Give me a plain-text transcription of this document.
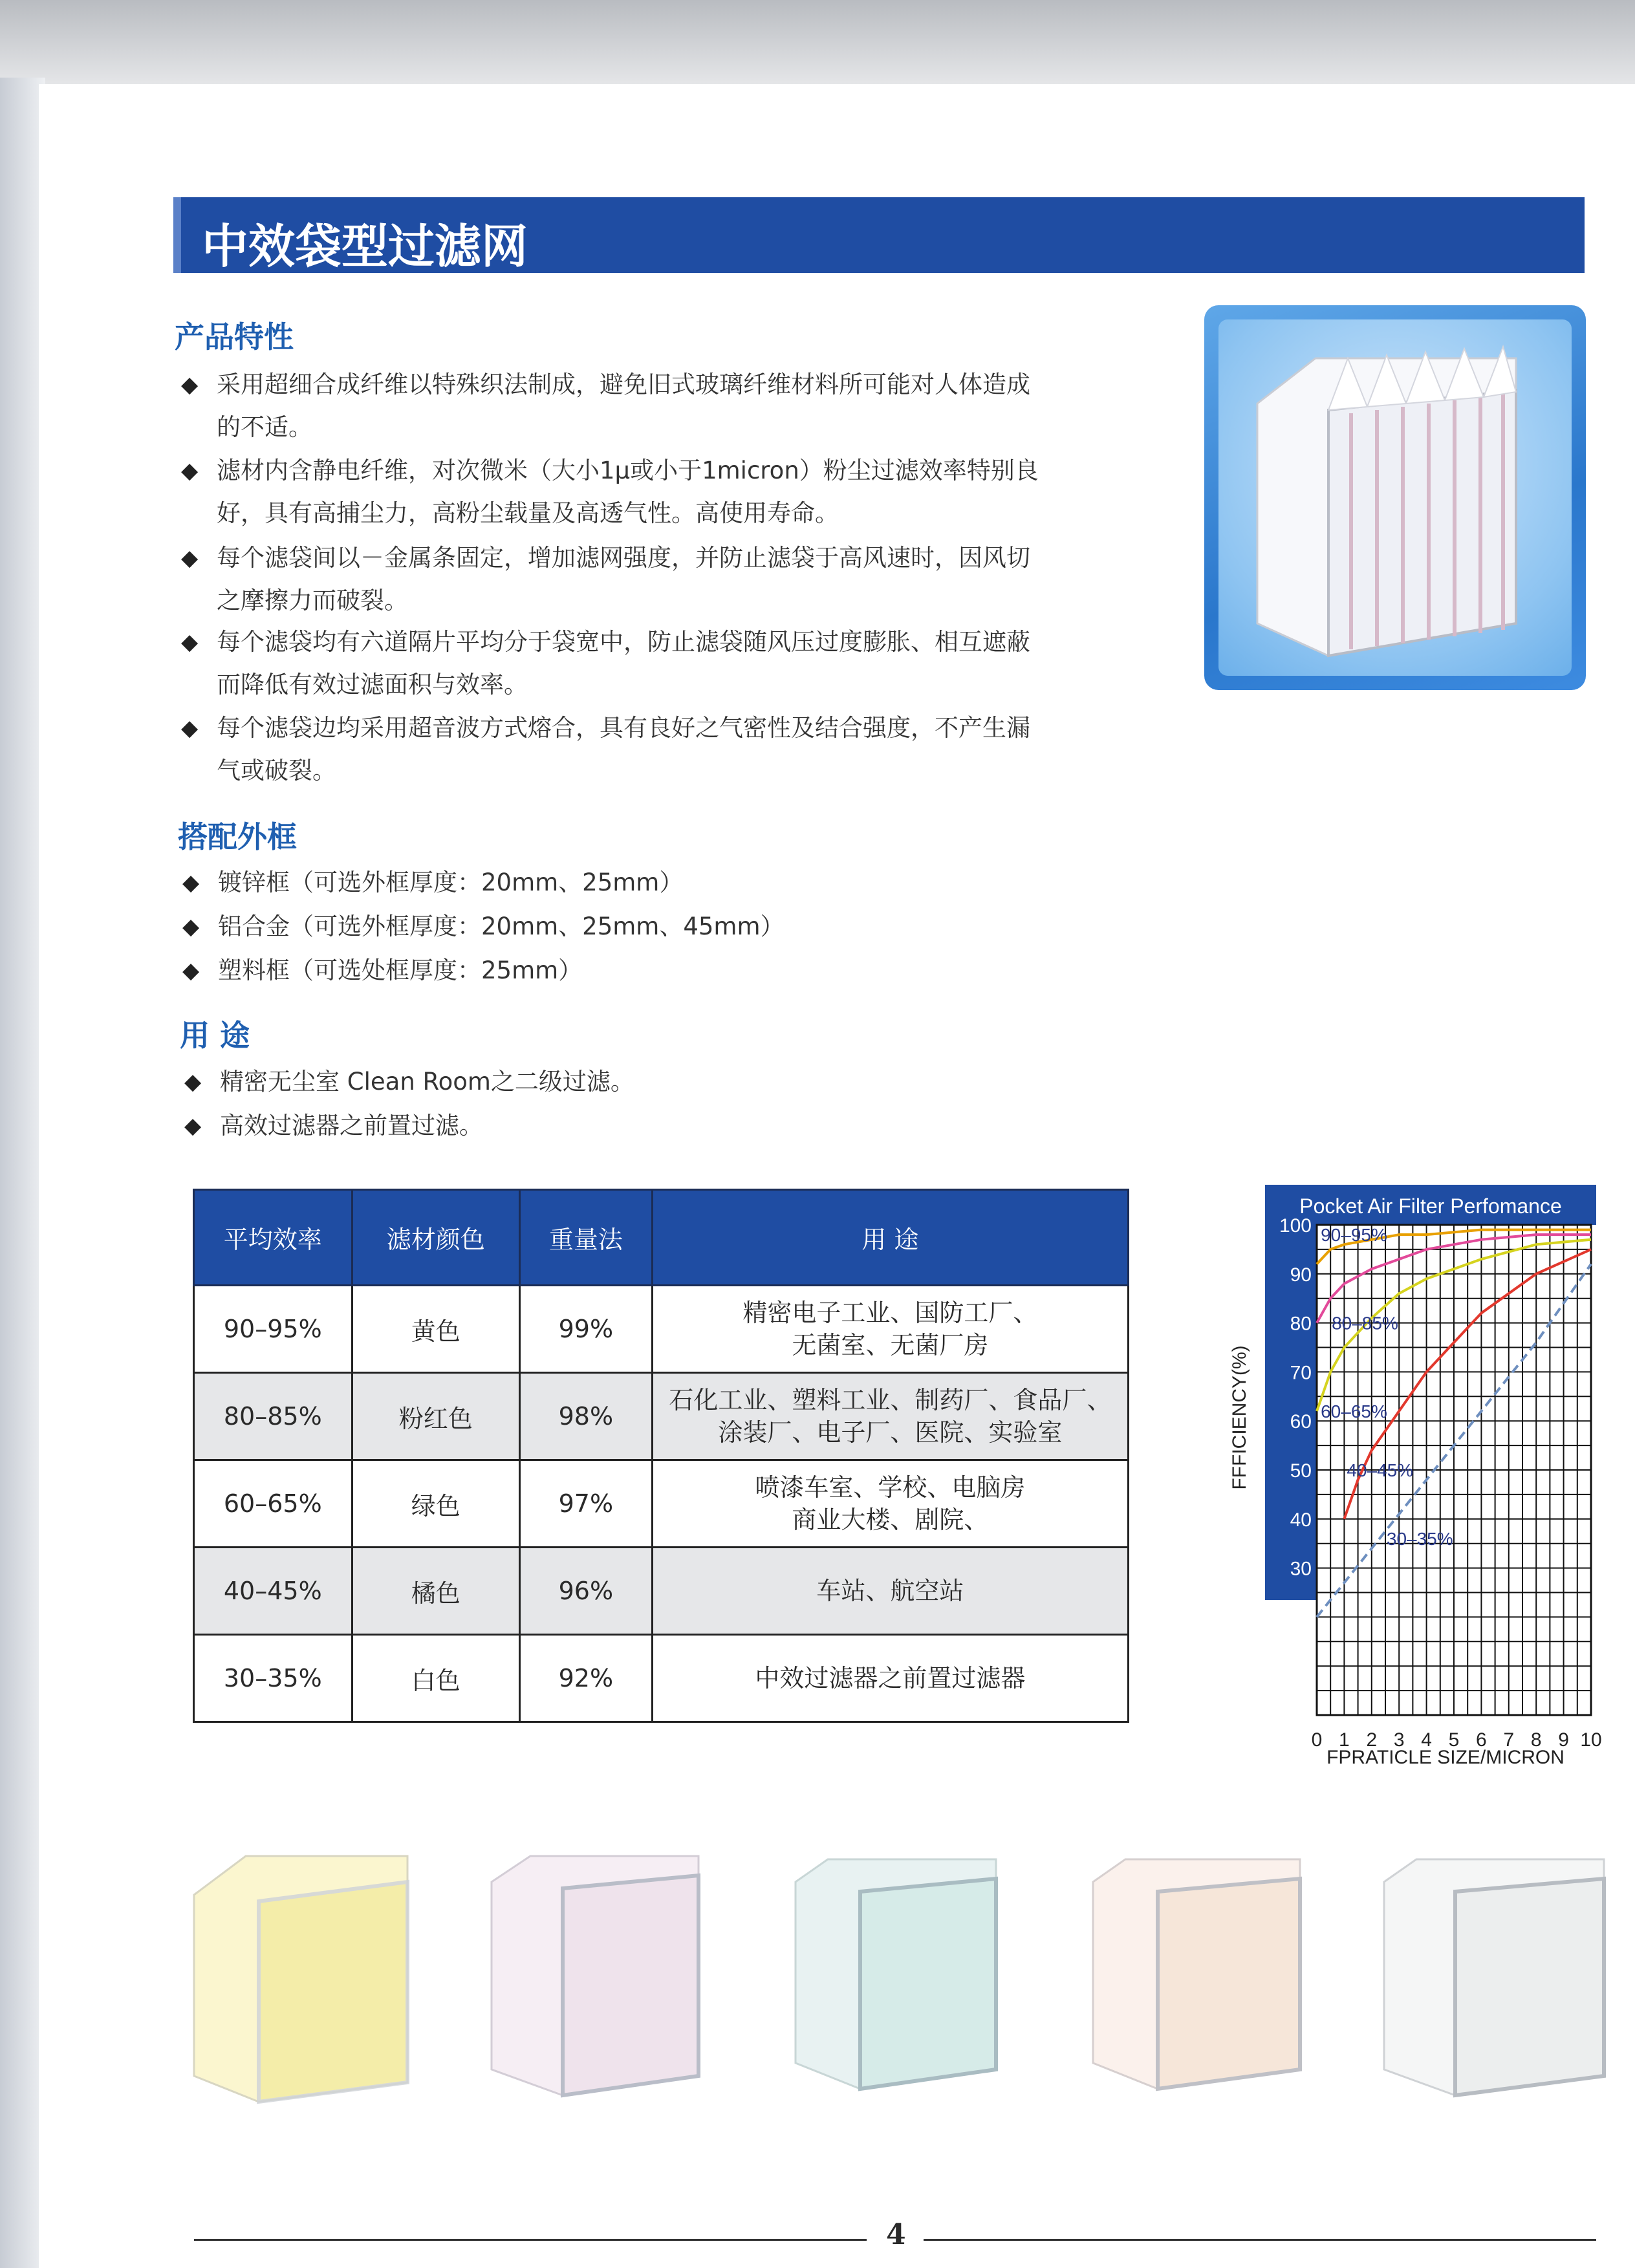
中效袋型过滤网
产品特性
◆ 采用超细合成纤维以特殊织法制成，避免旧式玻璃纤维材料所可能对人体造成
的不适。
◆ 滤材内含静电纤维，对次微米（大小1μ或小于1micron）粉尘过滤效率特别良
好，具有高捕尘力，高粉尘载量及高透气性。高使用寿命。
◆ 每个滤袋间以－金属条固定，增加滤网强度，并防止滤袋于高风速时，因风切
之摩擦力而破裂。
◆ 每个滤袋均有六道隔片平均分于袋宽中，防止滤袋随风压过度膨胀、相互遮蔽
而降低有效过滤面积与效率。
◆ 每个滤袋边均采用超音波方式熔合，具有良好之气密性及结合强度，不产生漏
气或破裂。
搭配外框
◆ 镀锌框（可选外框厚度：20mm、25mm）
◆ 铝合金（可选外框厚度：20mm、25mm、45mm）
◆ 塑料框（可选处框厚度：25mm）
用 途
◆ 精密无尘室 Clean Room之二级过滤。
◆ 高效过滤器之前置过滤。
平均效率	滤材颜色	重量法	用 途
90–95%	黄色	99%	精密电子工业、国防工厂、
无菌室、无菌厂房

80–85%	粉红色	98%	石化工业、塑料工业、制药厂、食品厂、
涂装厂、电子厂、医院、实验室

60–65%	绿色	97%	喷漆车室、学校、电脑房
商业大楼、剧院、

40–45%	橘色	96%	车站、航空站

30–35%	白色	92%	中效过滤器之前置过滤器
Pocket Air Filter Perfomance
90–95%
80–85%
60–65%
40–45%
30–35%
10
20
30
40
50
60
70
80
90
100
0 1 2 3 4 5 6 7 8 9 10
FFFICIENCY(%)
FPRATICLE SIZE/MICRON
4
